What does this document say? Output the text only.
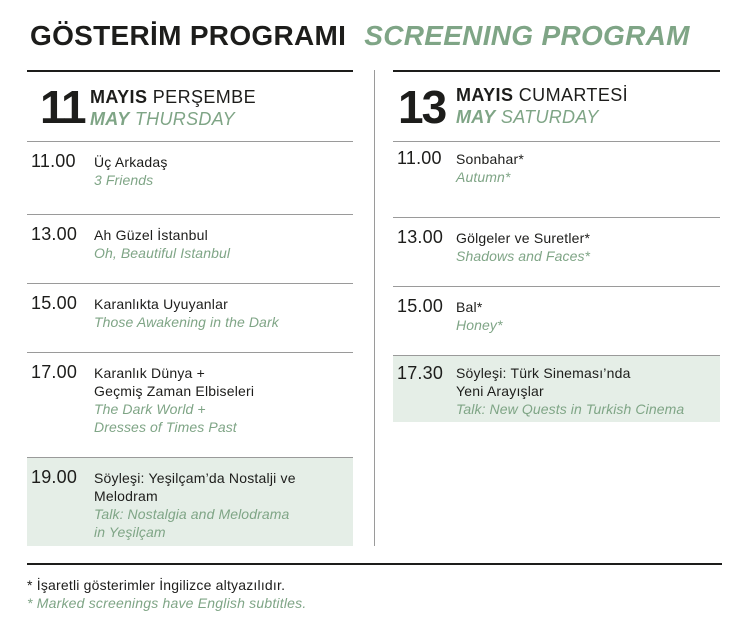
GÖSTERİM PROGRAMI SCREENING PROGRAM
11 MAYIS PERŞEMBE
MAY THURSDAY
11.00 Üç Arkadaş
3 Friends
13.00 Ah Güzel İstanbul
Oh, Beautiful Istanbul
15.00 Karanlıkta Uyuyanlar
Those Awakening in the Dark
17.00 Karanlık Dünya +
Geçmiş Zaman Elbiseleri
The Dark World +
Dresses of Times Past
19.00 Söyleşi: Yeşilçam’da Nostalji ve
Melodram
Talk: Nostalgia and Melodrama
in Yeşilçam
13 MAYIS CUMARTESİ
MAY SATURDAY
11.00 Sonbahar*
Autumn*
13.00 Gölgeler ve Suretler*
Shadows and Faces*
15.00 Bal*
Honey*
17.30 Söyleşi: Türk Sineması’nda
Yeni Arayışlar
Talk: New Quests in Turkish Cinema
* İşaretli gösterimler İngilizce altyazılıdır.
* Marked screenings have English subtitles.
